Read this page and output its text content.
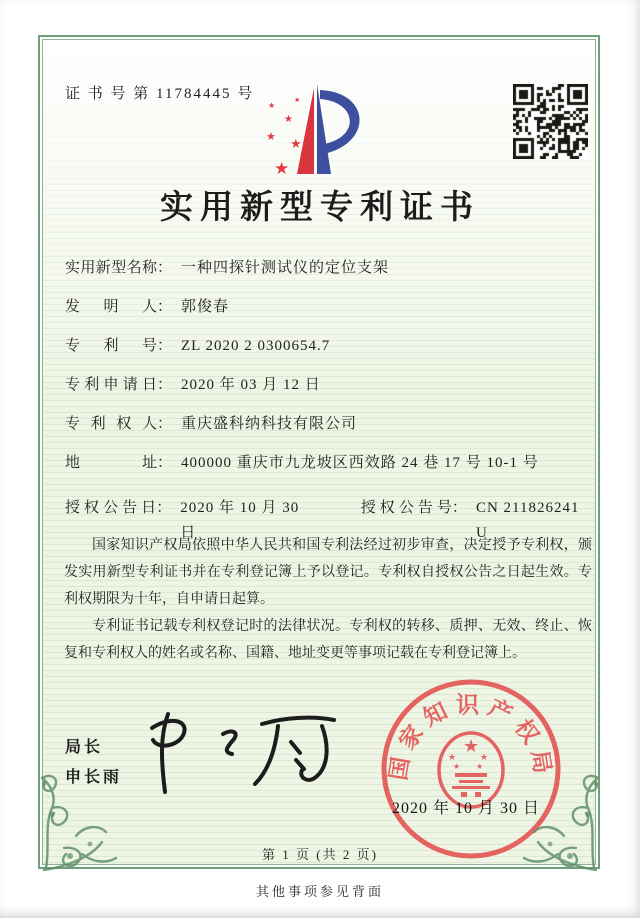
证 书 号 第 11784445 号
★
★
★
★
★
★
实用新型专利证书
实用新型名称 ： 一种四探针测试仪的定位支架
发明人 ： 郭俊春
专利号 ： ZL 2020 2 0300654.7
专利申请日 ： 2020 年 03 月 12 日
专利权人 ： 重庆盛科纳科技有限公司
地址 ： 400000 重庆市九龙坡区西效路 24 巷 17 号 10-1 号
授权公告日 ： 2020 年 10 月 30 日
授权公告号 ： CN 211826241 U

国家知识产权局依照中华人民共和国专利法经过初步审查，决定授予专利权，颁发实用新型专利证书并在专利登记簿上予以登记。专利权自授权公告之日起生效。专利权期限为十年，自申请日起算。

专利证书记载专利权登记时的法律状况。专利权的转移、质押、无效、终止、恢复和专利权人的姓名或名称、国籍、地址变更等事项记载在专利登记簿上。

局长
申长雨	国家知识产权局
★
★	★
★ ★
2020 年 10 月 30 日
第 1 页 (共 2 页)
其他事项参见背面
